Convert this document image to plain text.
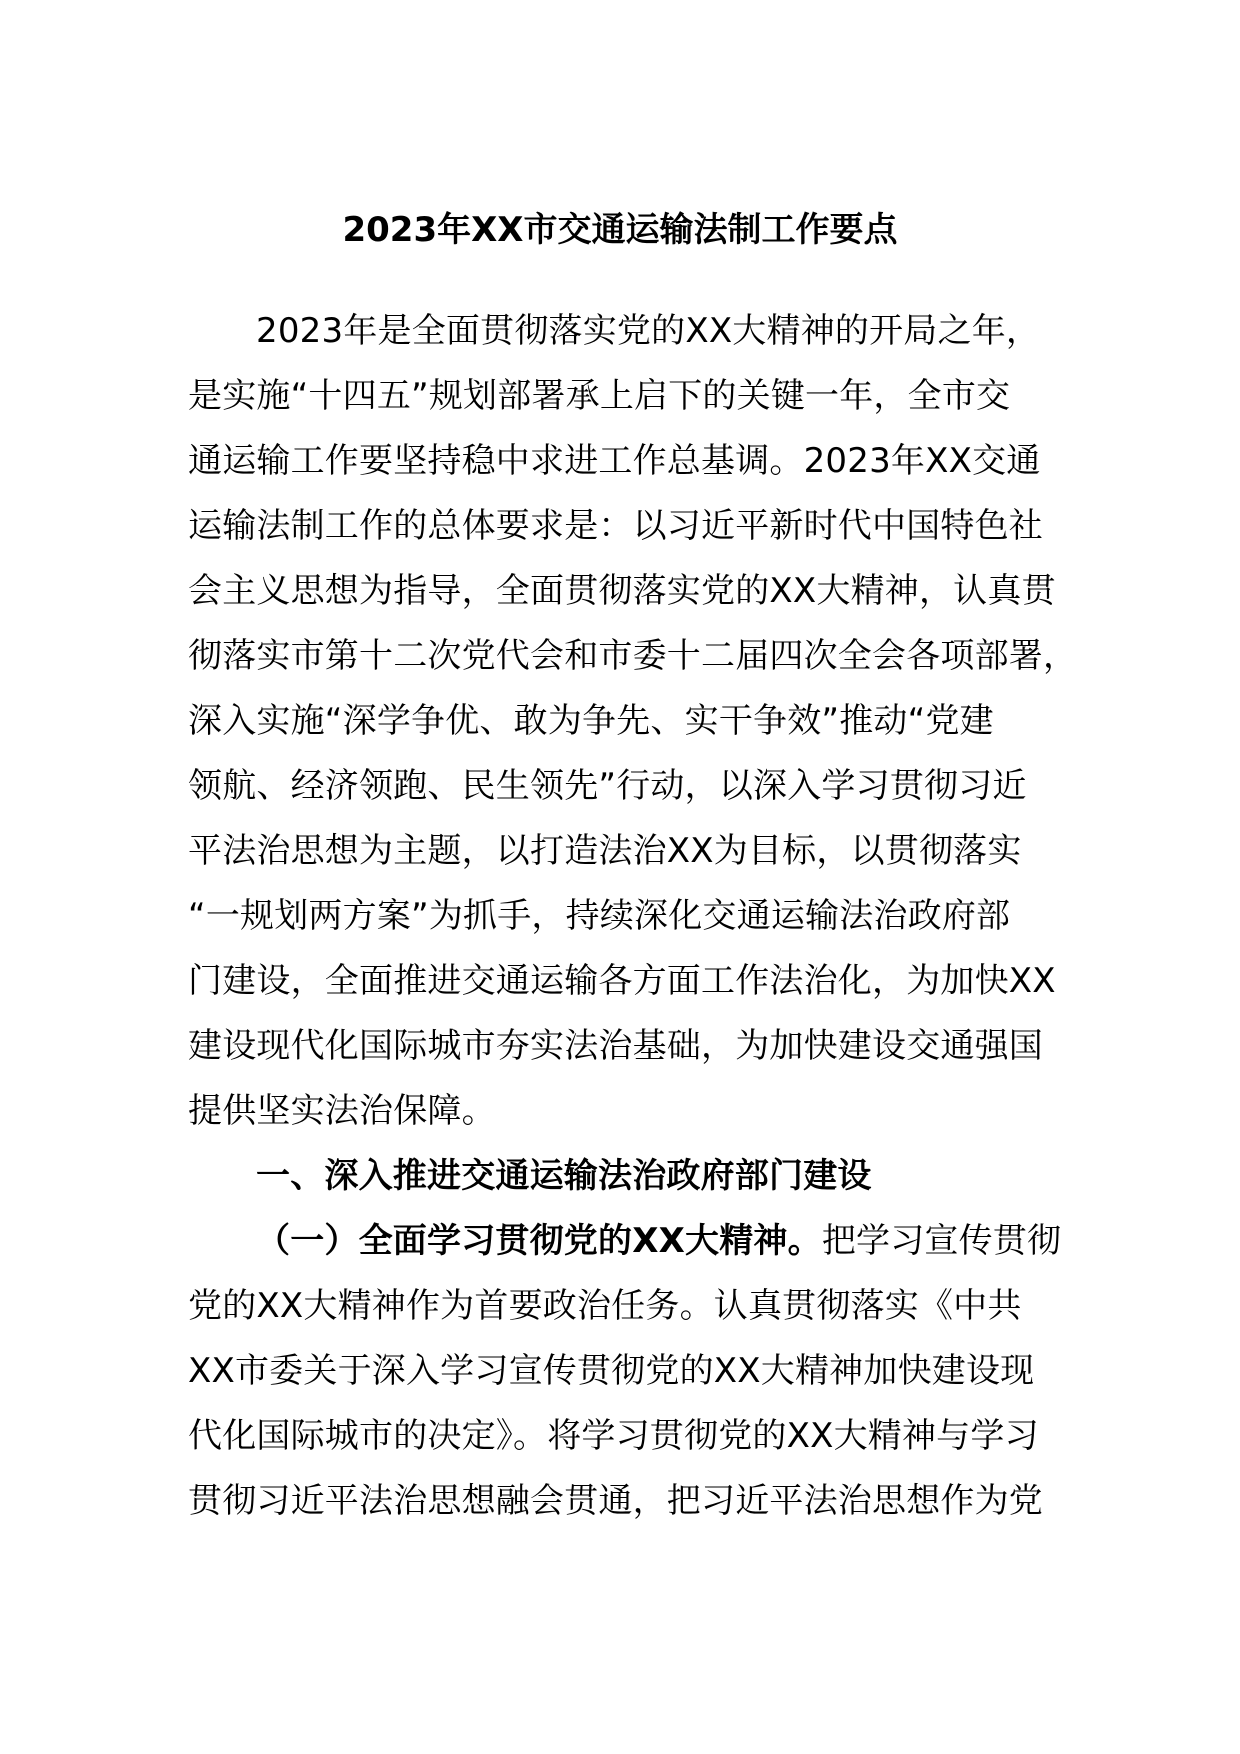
2023年XX市交通运输法制工作要点
2023年是全面贯彻落实党的XX大精神的开局之年，
是实施“十四五”规划部署承上启下的关键一年，全市交
通运输工作要坚持稳中求进工作总基调。2023年XX交通
运输法制工作的总体要求是：以习近平新时代中国特色社
会主义思想为指导，全面贯彻落实党的XX大精神，认真贯
彻落实市第十二次党代会和市委十二届四次全会各项部署，
深入实施“深学争优、敢为争先、实干争效”推动“党建
领航、经济领跑、民生领先”行动，以深入学习贯彻习近
平法治思想为主题，以打造法治XX为目标，以贯彻落实
“一规划两方案”为抓手，持续深化交通运输法治政府部
门建设，全面推进交通运输各方面工作法治化，为加快XX
建设现代化国际城市夯实法治基础，为加快建设交通强国
提供坚实法治保障。
一、深入推进交通运输法治政府部门建设
（一）全面学习贯彻党的XX大精神。把学习宣传贯彻
党的XX大精神作为首要政治任务。认真贯彻落实《中共
XX市委关于深入学习宣传贯彻党的XX大精神加快建设现
代化国际城市的决定》。将学习贯彻党的XX大精神与学习
贯彻习近平法治思想融会贯通，把习近平法治思想作为党
